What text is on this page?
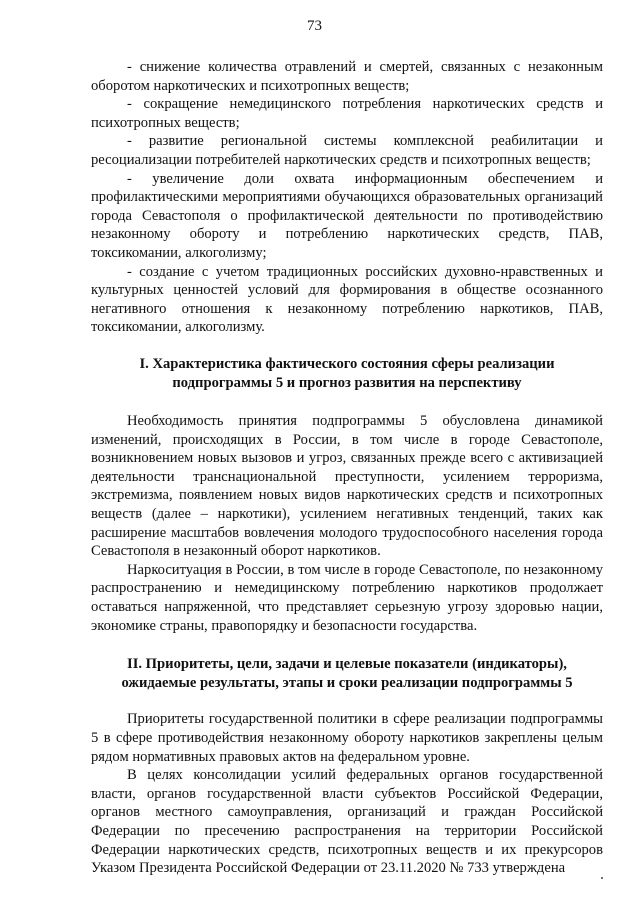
73

- снижение количества отравлений и смертей, связанных с незаконным оборотом наркотических и психотропных веществ;

- сокращение немедицинского потребления наркотических средств и психотропных веществ;

- развитие региональной системы комплексной реабилитации и ресоциализации потребителей наркотических средств и психотропных веществ;

- увеличение доли охвата информационным обеспечением и профилактическими мероприятиями обучающихся образовательных организаций города Севастополя о профилактической деятельности по противодействию незаконному обороту и потреблению наркотических средств, ПАВ, токсикомании, алкоголизму;

- создание с учетом традиционных российских духовно-нравственных и культурных ценностей условий для формирования в обществе осознанного негативного отношения к незаконному потреблению наркотиков, ПАВ, токсикомании, алкоголизму.

I. Характеристика фактического состояния сферы реализации

подпрограммы 5 и прогноз развития на перспективу

Необходимость принятия подпрограммы 5 обусловлена динамикой изменений, происходящих в России, в том числе в городе Севастополе, возникновением новых вызовов и угроз, связанных прежде всего с активизацией деятельности транснациональной преступности, усилением терроризма, экстремизма, появлением новых видов наркотических средств и психотропных веществ (далее – наркотики), усилением негативных тенденций, таких как расширение масштабов вовлечения молодого трудоспособного населения города Севастополя в незаконный оборот наркотиков.

Наркоситуация в России, в том числе в городе Севастополе, по незаконному распространению и немедицинскому потреблению наркотиков продолжает оставаться напряженной, что представляет серьезную угрозу здоровью нации, экономике страны, правопорядку и безопасности государства.

II. Приоритеты, цели, задачи и целевые показатели (индикаторы),

ожидаемые результаты, этапы и сроки реализации подпрограммы 5

Приоритеты государственной политики в сфере реализации подпрограммы 5 в сфере противодействия незаконному обороту наркотиков закреплены целым рядом нормативных правовых актов на федеральном уровне.

В целях консолидации усилий федеральных органов государственной власти, органов государственной власти субъектов Российской Федерации, органов местного самоуправления, организаций и граждан Российской Федерации по пресечению распространения на территории Российской Федерации наркотических средств, психотропных веществ и их прекурсоров Указом Президента Российской Федерации от 23.11.2020 № 733 утверждена
